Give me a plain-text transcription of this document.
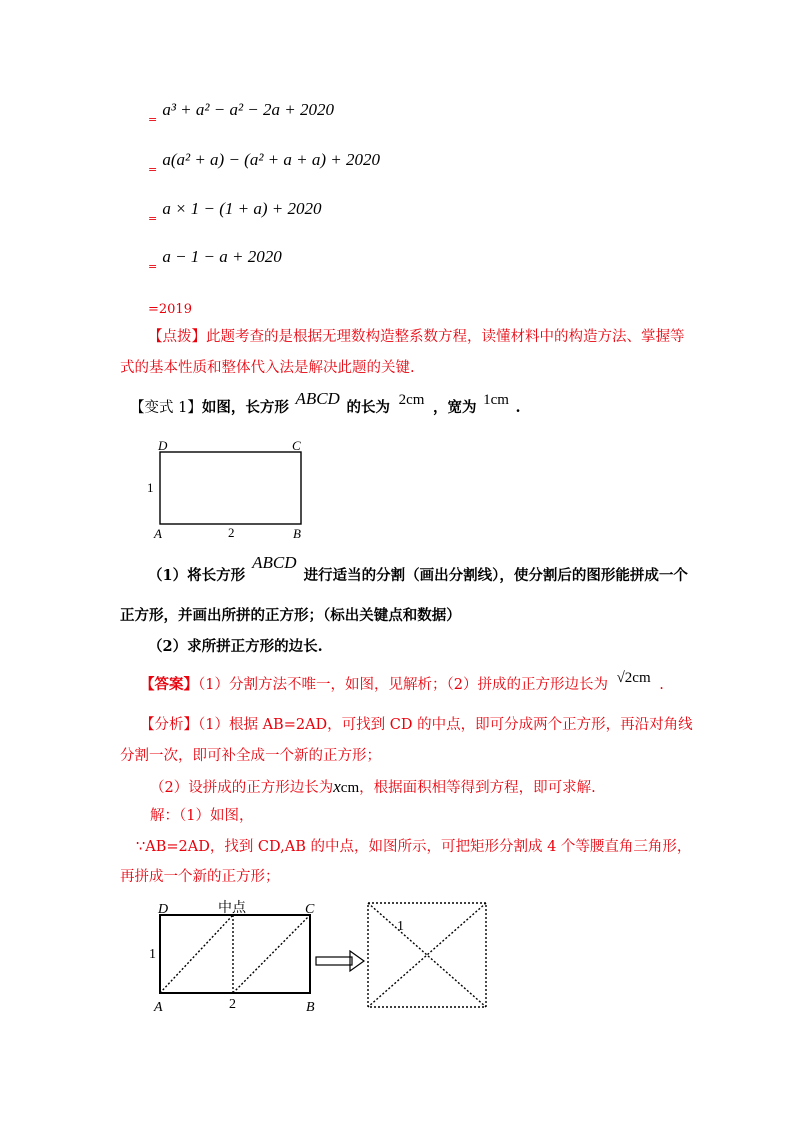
$_=$ a³ + a² − a² − 2a + 2020
$_=$ a(a² + a) − (a² + a + a) + 2020
$_=$ a × 1 − (1 + a) + 2020
$_=$ a − 1 − a + 2020
=2019
【点拨】此题考查的是根据无理数构造整系数方程，读懂材料中的构造方法、掌握等
式的基本性质和整体代入法是解决此题的关键.
【变式 1】如图，长方形 ABCD 的长为 2cm ，宽为 1cm .
D	C
A	B
1
2
（1）将长方形 ABCD 进行适当的分割（画出分割线），使分割后的图形能拼成一个
正方形，并画出所拼的正方形；（标出关键点和数据）
（2）求所拼正方形的边长.
【答案】（1）分割方法不唯一，如图，见解析；（2）拼成的正方形边长为 √2cm .
【分析】（1）根据 AB=2AD，可找到 CD 的中点，即可分成两个正方形，再沿对角线
分割一次，即可补全成一个新的正方形；
（2）设拼成的正方形边长为xcm，根据面积相等得到方程，即可求解.
解：（1）如图，
∵AB=2AD，找到 CD,AB 的中点，如图所示，可把矩形分割成 4 个等腰直角三角形，
再拼成一个新的正方形；
D	中点	C
A	B
1
2
1
